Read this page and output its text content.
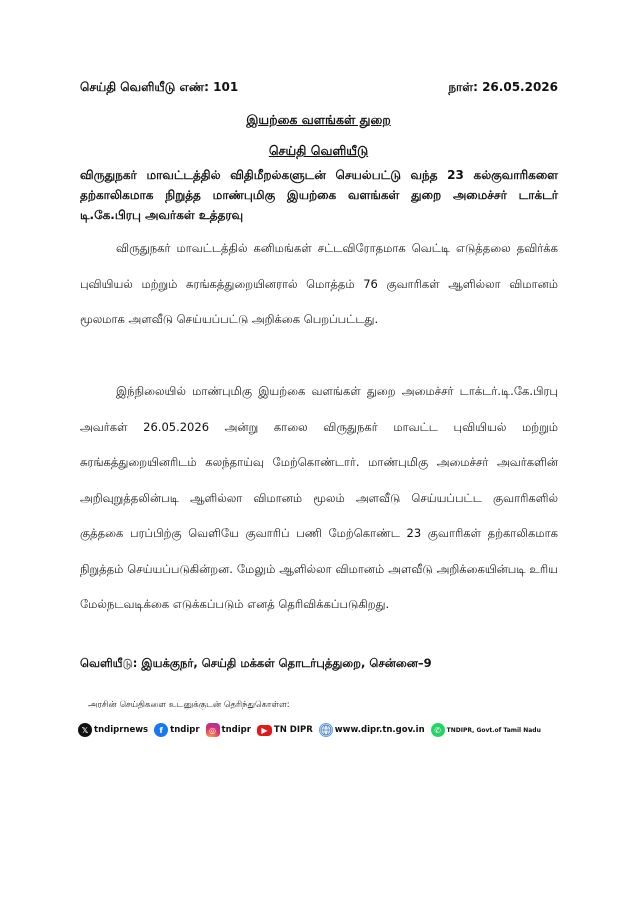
செய்தி வெளியீடு எண்: 101	நாள்: 26.05.2026
இயற்கை வளங்கள் துறை
செய்தி வெளியீடு
விருதுநகர் மாவட்டத்தில் விதிமீறல்களுடன் செயல்பட்டு வந்த 23 கல்குவாரிகளை தற்காலிகமாக நிறுத்த மாண்புமிகு இயற்கை வளங்கள் துறை அமைச்சர் டாக்டர் டி.கே.பிரபு அவர்கள் உத்தரவு

விருதுநகர் மாவட்டத்தில் கனிமங்கள் சட்டவிரோதமாக வெட்டி எடுத்தலை தவிர்க்க புவியியல் மற்றும் சுரங்கத்துறையினரால் மொத்தம் 76 குவாரிகள் ஆளில்லா விமானம் மூலமாக அளவீடு செய்யப்பட்டு அறிக்கை பெறப்பட்டது.

இந்நிலையில் மாண்புமிகு இயற்கை வளங்கள் துறை அமைச்சர் டாக்டர்.டி.கே.பிரபு அவர்கள் 26.05.2026 அன்று காலை விருதுநகர் மாவட்ட புவியியல் மற்றும் சுரங்கத்துறையினரிடம் கலந்தாய்வு மேற்கொண்டார். மாண்புமிகு அமைச்சர் அவர்களின் அறிவுறுத்தலின்படி ஆளில்லா விமானம் மூலம் அளவீடு செய்யப்பட்ட குவாரிகளில் குத்தகை பரப்பிற்கு வெளியே குவாரிப் பணி மேற்கொண்ட 23 குவாரிகள் தற்காலிகமாக நிறுத்தம் செய்யப்படுகின்றன. மேலும் ஆளில்லா விமானம் அளவீடு அறிக்கையின்படி உரிய மேல்நடவடிக்கை எடுக்கப்படும் எனத் தெரிவிக்கப்படுகிறது.

வெளியீடு: இயக்குநர், செய்தி மக்கள் தொடர்புத்துறை, சென்னை–9
அரசின் செய்திகளை உடனுக்குடன் தெரிந்துகொள்ள:
𝕏 tndiprnews	f tndipr	◎ tndipr	▶ TN DIPR	www.dipr.tn.gov.in	✆ TNDIPR, Govt.of Tamil Nadu
